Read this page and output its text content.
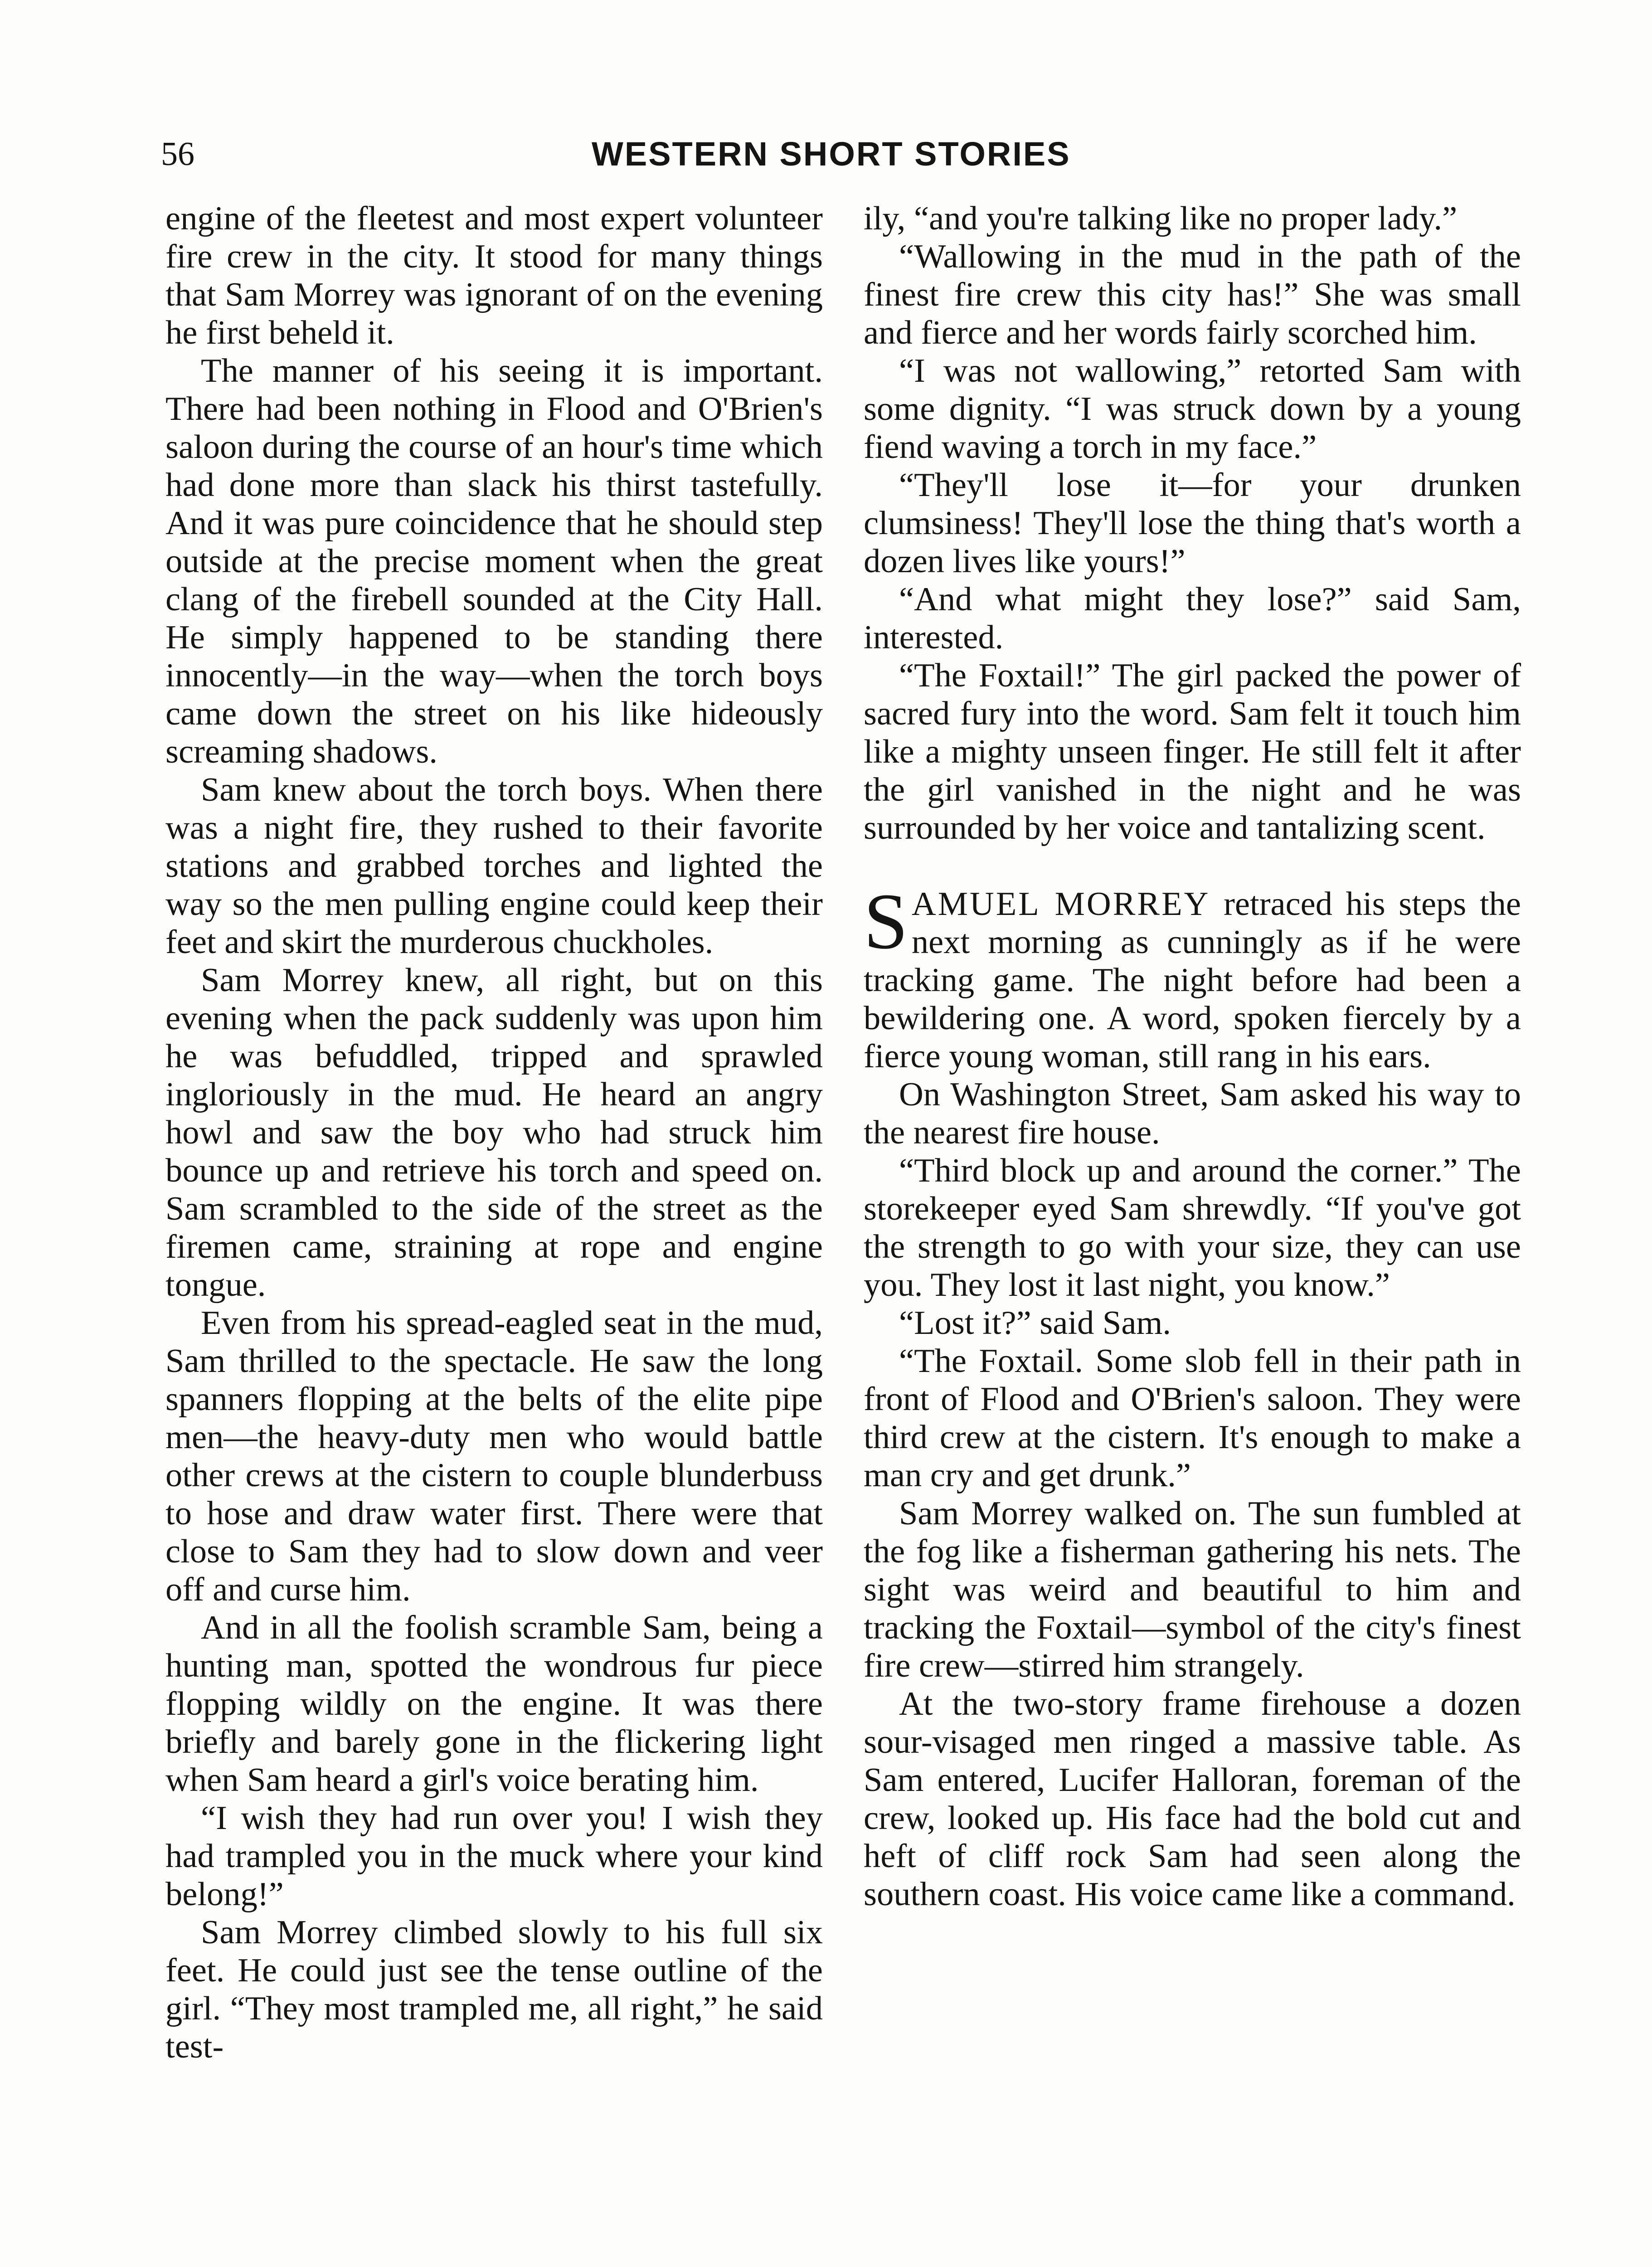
56	WESTERN SHORT STORIES

engine of the fleetest and most expert volunteer fire crew in the city. It stood for many things that Sam Morrey was ignorant of on the evening he first beheld it.

The manner of his seeing it is important. There had been nothing in Flood and O'Brien's saloon during the course of an hour's time which had done more than slack his thirst tastefully. And it was pure coincidence that he should step outside at the precise moment when the great clang of the firebell sounded at the City Hall. He simply happened to be standing there innocently—in the way—when the torch boys came down the street on his like hideously screaming shadows.

Sam knew about the torch boys. When there was a night fire, they rushed to their favorite stations and grabbed torches and lighted the way so the men pulling engine could keep their feet and skirt the murderous chuckholes.

Sam Morrey knew, all right, but on this evening when the pack suddenly was upon him he was befuddled, tripped and sprawled ingloriously in the mud. He heard an angry howl and saw the boy who had struck him bounce up and retrieve his torch and speed on. Sam scrambled to the side of the street as the firemen came, straining at rope and engine tongue.

Even from his spread-eagled seat in the mud, Sam thrilled to the spectacle. He saw the long spanners flopping at the belts of the elite pipe men—the heavy-duty men who would battle other crews at the cistern to couple blunderbuss to hose and draw water first. There were that close to Sam they had to slow down and veer off and curse him.

And in all the foolish scramble Sam, being a hunting man, spotted the wondrous fur piece flopping wildly on the engine. It was there briefly and barely gone in the flickering light when Sam heard a girl's voice berating him.

“I wish they had run over you! I wish they had trampled you in the muck where your kind belong!”

Sam Morrey climbed slowly to his full six feet. He could just see the tense outline of the girl. “They most trampled me, all right,” he said test-

ily, “and you're talking like no proper lady.”

“Wallowing in the mud in the path of the finest fire crew this city has!” She was small and fierce and her words fairly scorched him.

“I was not wallowing,” retorted Sam with some dignity. “I was struck down by a young fiend waving a torch in my face.”

“They'll lose it—for your drunken clumsiness! They'll lose the thing that's worth a dozen lives like yours!”

“And what might they lose?” said Sam, interested.

“The Foxtail!” The girl packed the power of sacred fury into the word. Sam felt it touch him like a mighty unseen finger. He still felt it after the girl vanished in the night and he was surrounded by her voice and tantalizing scent.

SAMUEL MORREY retraced his steps the next morning as cunningly as if he were tracking game. The night before had been a bewildering one. A word, spoken fiercely by a fierce young woman, still rang in his ears.

On Washington Street, Sam asked his way to the nearest fire house.

“Third block up and around the corner.” The storekeeper eyed Sam shrewdly. “If you've got the strength to go with your size, they can use you. They lost it last night, you know.”

“Lost it?” said Sam.

“The Foxtail. Some slob fell in their path in front of Flood and O'Brien's saloon. They were third crew at the cistern. It's enough to make a man cry and get drunk.”

Sam Morrey walked on. The sun fumbled at the fog like a fisherman gathering his nets. The sight was weird and beautiful to him and tracking the Foxtail—symbol of the city's finest fire crew—stirred him strangely.

At the two-story frame firehouse a dozen sour-visaged men ringed a massive table. As Sam entered, Lucifer Halloran, foreman of the crew, looked up. His face had the bold cut and heft of cliff rock Sam had seen along the southern coast. His voice came like a command.
